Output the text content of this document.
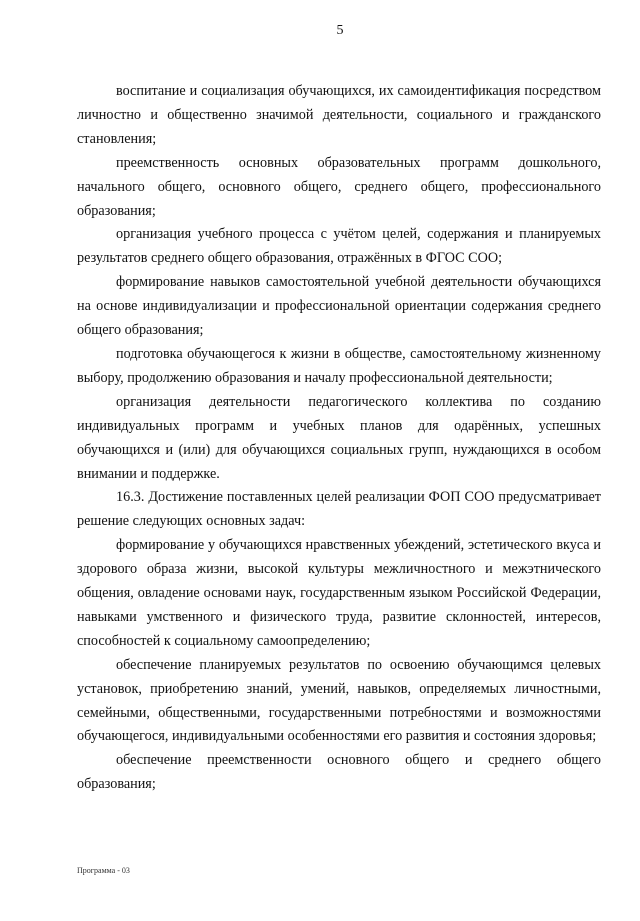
5

воспитание и социализация обучающихся, их самоидентификация посредством личностно и общественно значимой деятельности, социального и гражданского становления;

преемственность основных образовательных программ дошкольного, начального общего, основного общего, среднего общего, профессионального образования;

организация учебного процесса с учётом целей, содержания и планируемых результатов среднего общего образования, отражённых в ФГОС СОО;

формирование навыков самостоятельной учебной деятельности обучающихся на основе индивидуализации и профессиональной ориентации содержания среднего общего образования;

подготовка обучающегося к жизни в обществе, самостоятельному жизненному выбору, продолжению образования и началу профессиональной деятельности;

организация деятельности педагогического коллектива по созданию индивидуальных программ и учебных планов для одарённых, успешных обучающихся и (или) для обучающихся социальных групп, нуждающихся в особом внимании и поддержке.

16.3. Достижение поставленных целей реализации ФОП СОО предусматривает решение следующих основных задач:

формирование у обучающихся нравственных убеждений, эстетического вкуса и здорового образа жизни, высокой культуры межличностного и межэтнического общения, овладение основами наук, государственным языком Российской Федерации, навыками умственного и физического труда, развитие склонностей, интересов, способностей к социальному самоопределению;

обеспечение планируемых результатов по освоению обучающимся целевых установок, приобретению знаний, умений, навыков, определяемых личностными, семейными, общественными, государственными потребностями и возможностями обучающегося, индивидуальными особенностями его развития и состояния здоровья;

обеспечение преемственности основного общего и среднего общего образования;

Программа - 03
